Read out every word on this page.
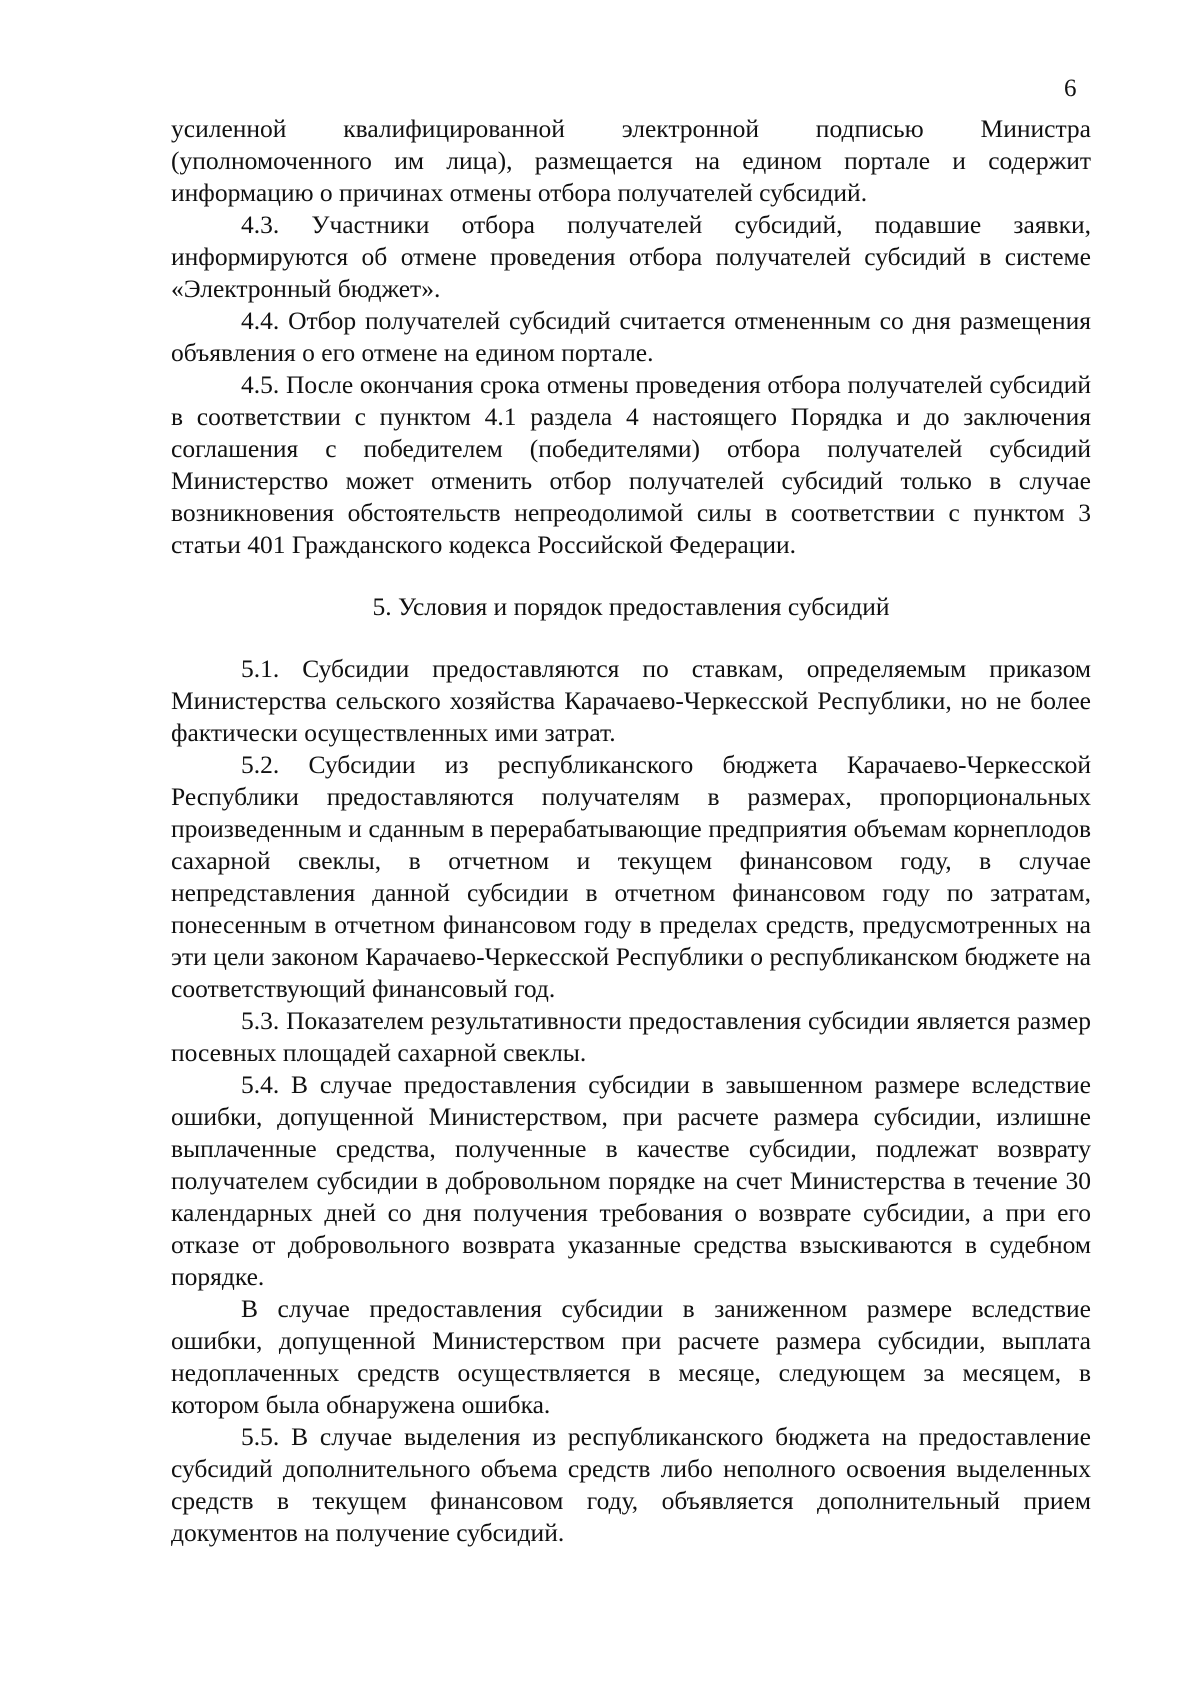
6

усиленной квалифицированной электронной подписью Министра (уполномоченного им лица), размещается на едином портале и содержит информацию о причинах отмены отбора получателей субсидий.

4.3. Участники отбора получателей субсидий, подавшие заявки, информируются об отмене проведения отбора получателей субсидий в системе «Электронный бюджет».

4.4. Отбор получателей субсидий считается отмененным со дня размещения объявления о его отмене на едином портале.

4.5. После окончания срока отмены проведения отбора получателей субсидий в соответствии с пунктом 4.1 раздела 4 настоящего Порядка и до заключения соглашения с победителем (победителями) отбора получателей субсидий Министерство может отменить отбор получателей субсидий только в случае возникновения обстоятельств непреодолимой силы в соответствии с пунктом 3 статьи 401 Гражданского кодекса Российской Федерации.

5. Условия и порядок предоставления субсидий

5.1. Субсидии предоставляются по ставкам, определяемым приказом Министерства сельского хозяйства Карачаево-Черкесской Республики, но не более фактически осуществленных ими затрат.

5.2. Субсидии из республиканского бюджета Карачаево-Черкесской Республики предоставляются получателям в размерах, пропорциональных произведенным и сданным в перерабатывающие предприятия объемам корнеплодов сахарной свеклы, в отчетном и текущем финансовом году, в случае непредставления данной субсидии в отчетном финансовом году по затратам, понесенным в отчетном финансовом году в пределах средств, предусмотренных на эти цели законом Карачаево-Черкесской Республики о республиканском бюджете на соответствующий финансовый год.

5.3. Показателем результативности предоставления субсидии является размер посевных площадей сахарной свеклы.

5.4. В случае предоставления субсидии в завышенном размере вследствие ошибки, допущенной Министерством, при расчете размера субсидии, излишне выплаченные средства, полученные в качестве субсидии, подлежат возврату получателем субсидии в добровольном порядке на счет Министерства в течение 30 календарных дней со дня получения требования о возврате субсидии, а при его отказе от добровольного возврата указанные средства взыскиваются в судебном порядке.

В случае предоставления субсидии в заниженном размере вследствие ошибки, допущенной Министерством при расчете размера субсидии, выплата недоплаченных средств осуществляется в месяце, следующем за месяцем, в котором была обнаружена ошибка.

5.5. В случае выделения из республиканского бюджета на предоставление субсидий дополнительного объема средств либо неполного освоения выделенных средств в текущем финансовом году, объявляется дополнительный прием документов на получение субсидий.
